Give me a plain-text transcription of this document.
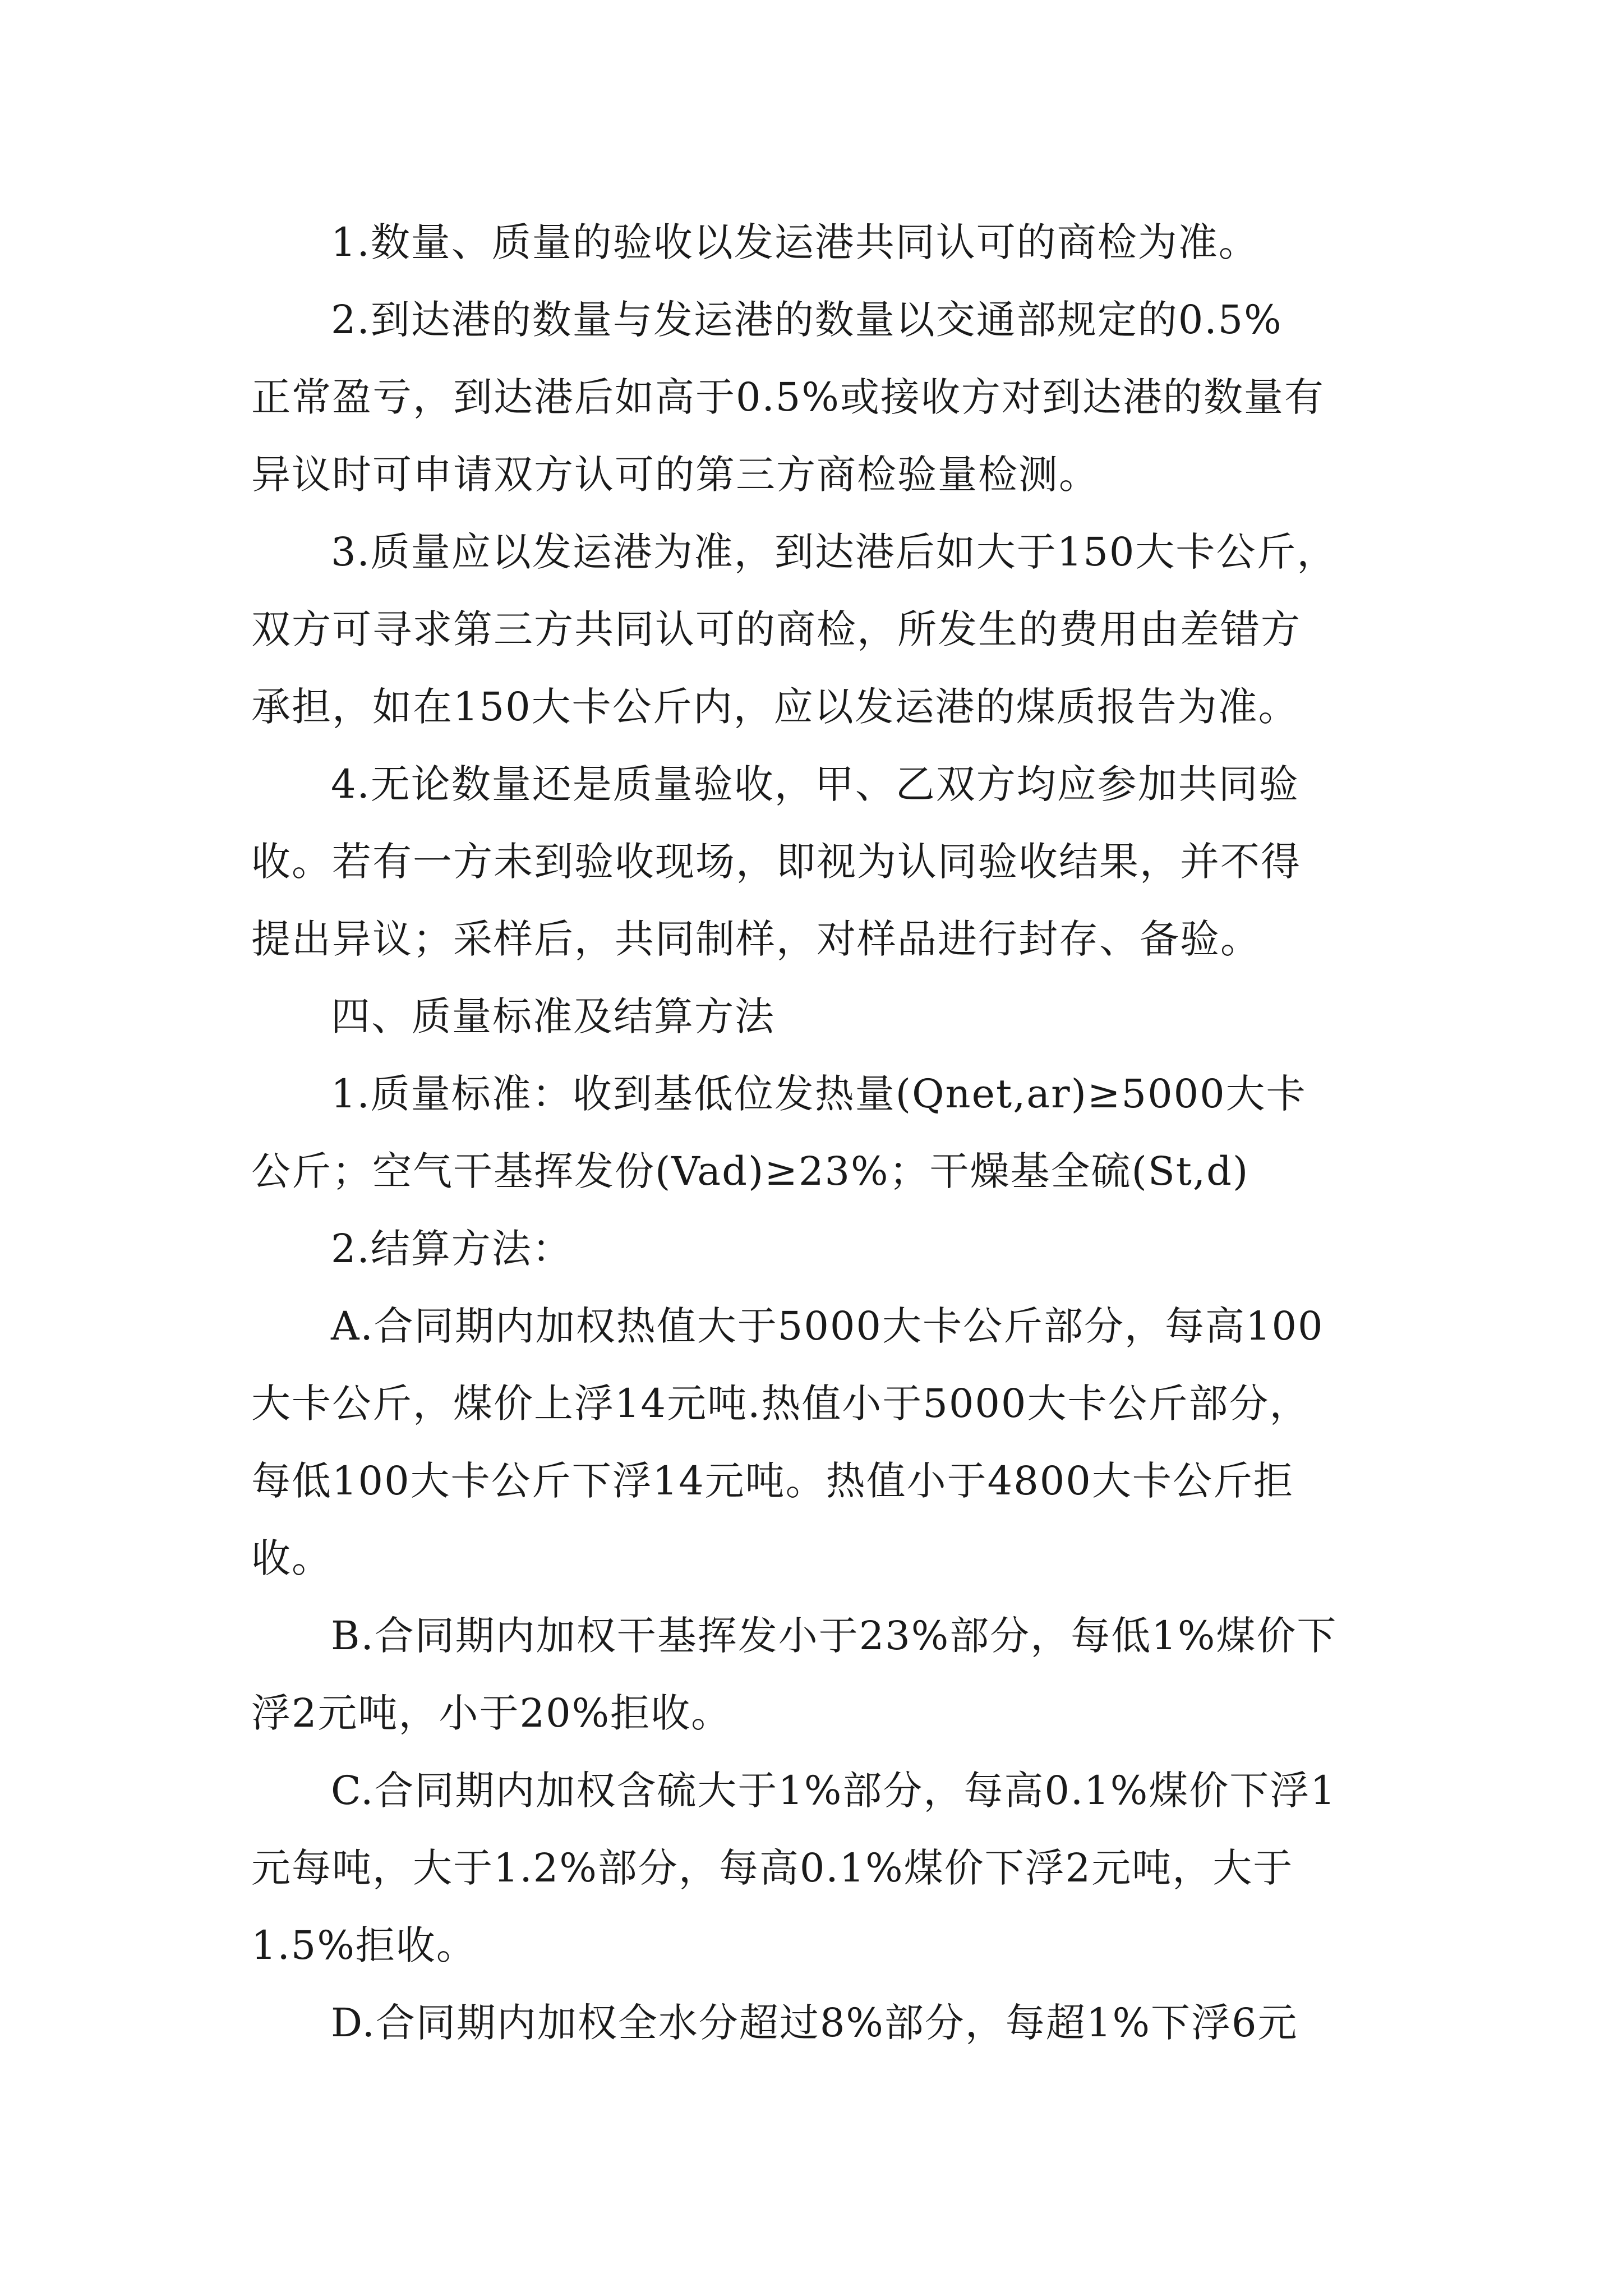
1.数量、质量的验收以发运港共同认可的商检为准。
2.到达港的数量与发运港的数量以交通部规定的0.5%
正常盈亏，到达港后如高于0.5%或接收方对到达港的数量有
异议时可申请双方认可的第三方商检验量检测。
3.质量应以发运港为准，到达港后如大于150大卡公斤，
双方可寻求第三方共同认可的商检，所发生的费用由差错方
承担，如在150大卡公斤内，应以发运港的煤质报告为准。
4.无论数量还是质量验收，甲、乙双方均应参加共同验
收。若有一方未到验收现场，即视为认同验收结果，并不得
提出异议；采样后，共同制样，对样品进行封存、备验。
四、质量标准及结算方法
1.质量标准：收到基低位发热量(Qnet,ar)≥5000大卡
公斤；空气干基挥发份(Vad)≥23%；干燥基全硫(St,d)
2.结算方法：
A.合同期内加权热值大于5000大卡公斤部分，每高100
大卡公斤，煤价上浮14元吨.热值小于5000大卡公斤部分，
每低100大卡公斤下浮14元吨。热值小于4800大卡公斤拒
收。
B.合同期内加权干基挥发小于23%部分，每低1%煤价下
浮2元吨，小于20%拒收。
C.合同期内加权含硫大于1%部分，每高0.1%煤价下浮1
元每吨，大于1.2%部分，每高0.1%煤价下浮2元吨，大于
1.5%拒收。
D.合同期内加权全水分超过8%部分，每超1%下浮6元
